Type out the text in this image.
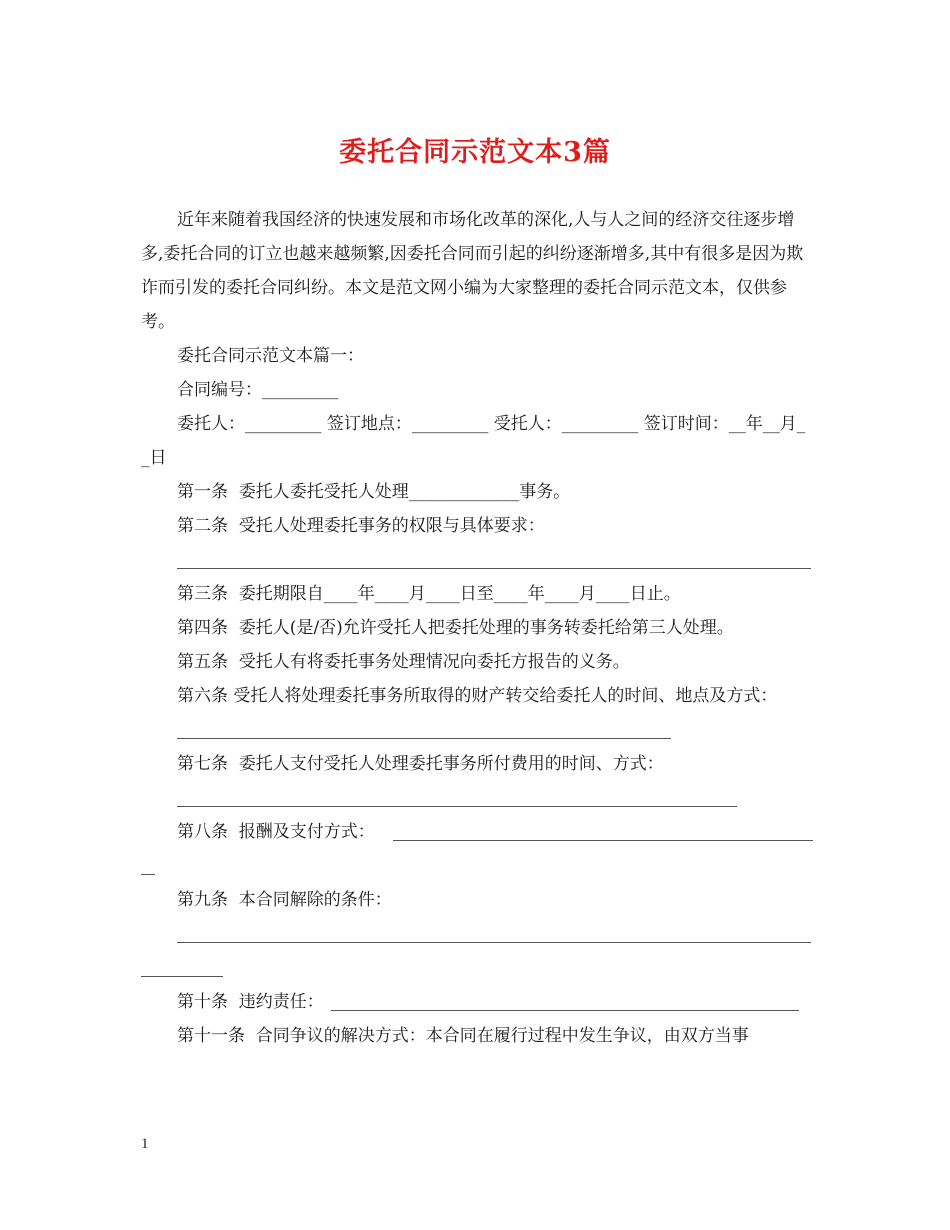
委托合同示范文本3篇

近年来随着我国经济的快速发展和市场化改革的深化,人与人之间的经济交往逐步增多,委托合同的订立也越来越频繁,因委托合同而引起的纠纷逐渐增多,其中有很多是因为欺诈而引发的委托合同纠纷。本文是范文网小编为大家整理的委托合同示范文本，仅供参考。

委托合同示范文本篇一：

合同编号：_________

委托人：_________ 签订地点：_________ 受托人：_________ 签订时间：__年__月__日

第一条  委托人委托受托人处理_____________事务。

第二条  受托人处理委托事务的权限与具体要求：

第三条  委托期限自____年____月____日至____年____月____日止。

第四条  委托人(是/否)允许受托人把委托处理的事务转委托给第三人处理。

第五条  受托人有将委托事务处理情况向委托方报告的义务。

第六条 受托人将处理委托事务所取得的财产转交给委托人的时间、地点及方式：

第七条  委托人支付受托人处理委托事务所付费用的时间、方式：

第八条  报酬及支付方式：

第九条  本合同解除的条件：

第十条  违约责任：

第十一条  合同争议的解决方式：本合同在履行过程中发生争议，由双方当事

1
